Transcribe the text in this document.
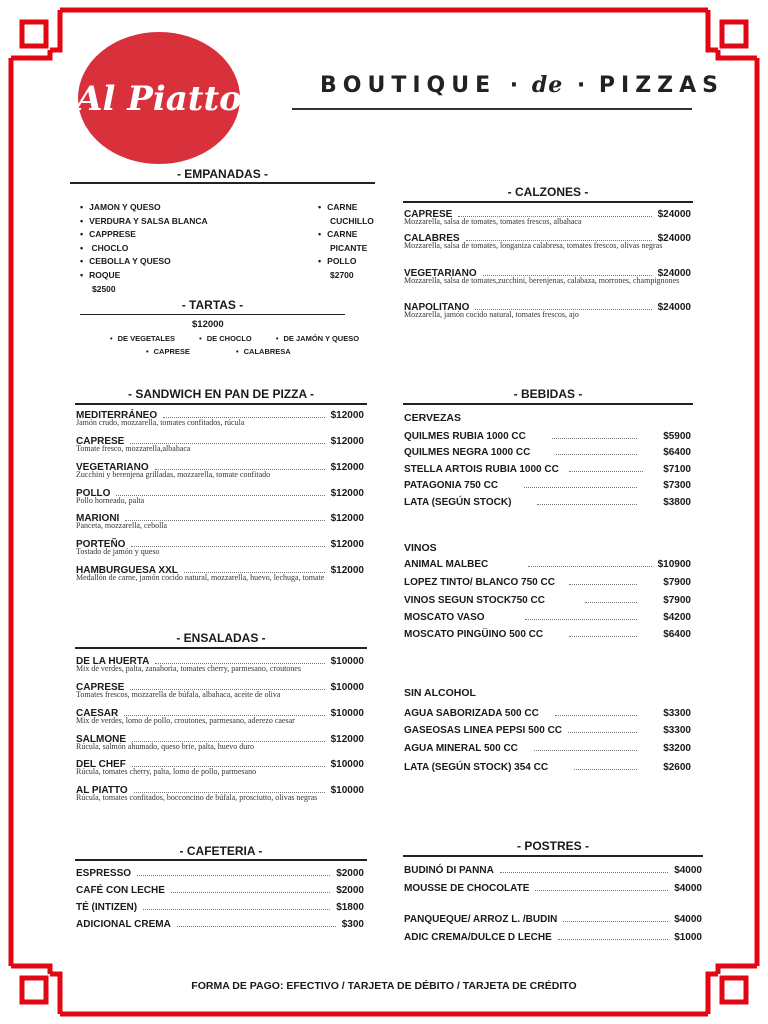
Al Piatto	BOUTIQUE · de · PIZZAS
- EMPANADAS -
• JAMON Y QUESO
• VERDURA Y SALSA BLANCA
• CAPPRESE
• CHOCLO
• CEBOLLA Y QUESO
• ROQUE
$2500
• CARNE
CUCHILLO
• CARNE
PICANTE
• POLLO
$2700
- TARTAS -
$12000
• DE VEGETALES	• DE CHOCLO	• DE JAMÓN Y QUESO
• CAPRESE	• CALABRESA
- CALZONES -
CAPRESE	$24000
Mozzarella, salsa de tomates, tomates frescos, albahaca
CALABRES	$24000
Mozzarella, salsa de tomates, longaniza calabresa, tomates frescos, olivas negras
VEGETARIANO	$24000
Mozzarella, salsa de tomates,zucchini, berenjenas, calabaza, morrones, champignones
NAPOLITANO	$24000
Mozzarella, jamón cocido natural, tomates frescos, ajo
- SANDWICH EN PAN DE PIZZA -
MEDITERRÁNEO	$12000
Jamón crudo, mozzarella, tomates confitados, rúcula
CAPRESE	$12000
Tomate fresco, mozzarella,albahaca
VEGETARIANO	$12000
Zucchini y berenjena grilladas, mozzarella, tomate confitado
POLLO	$12000
Pollo horneado, palta
MARIONI	$12000
Panceta, mozzarella, cebolla
PORTEÑO	$12000
Tostado de jamón y queso
HAMBURGUESA XXL	$12000
Medallón de carne, jamón cocido natural, mozzarella, huevo, lechuga, tomate
- ENSALADAS -
DE LA HUERTA	$10000
Mix de verdes, palta, zanahoria, tomates cherry, parmesano, croutones
CAPRESE	$10000
Tomates frescos, mozzarella de búfala, albahaca, aceite de oliva
CAESAR	$10000
Mix de verdes, lomo de pollo, croutones, parmesano, aderezo caesar
SALMONE	$12000
Rúcula, salmón ahumado, queso brie, palta, huevo duro
DEL CHEF	$10000
Rúcula, tomates cherry, palta, lomo de pollo, parmesano
AL PIATTO	$10000
Rúcula, tomates confitados, bocconcino de búfala, prosciutto, olivas negras
- CAFETERIA -
ESPRESSO	$2000
CAFÉ CON LECHE	$2000
TÉ (INTIZEN)	$1800
ADICIONAL CREMA	$300
- BEBIDAS -
CERVEZAS
QUILMES RUBIA 1000 CC	$5900
QUILMES NEGRA 1000 CC	$6400
STELLA ARTOIS RUBIA 1000 CC	$7100
PATAGONIA 750 CC	$7300
LATA (SEGÚN STOCK)	$3800
VINOS
ANIMAL MALBEC	$10900
LOPEZ TINTO/ BLANCO 750 CC	$7900
VINOS SEGUN STOCK750 CC	$7900
MOSCATO VASO	$4200
MOSCATO PINGÜINO 500 CC	$6400
SIN ALCOHOL
AGUA SABORIZADA 500 CC	$3300
GASEOSAS LINEA PEPSI 500 CC	$3300
AGUA MINERAL 500 CC	$3200
LATA (SEGÚN STOCK) 354 CC	$2600
- POSTRES -
BUDINÓ DI PANNA	$4000
MOUSSE DE CHOCOLATE	$4000
PANQUEQUE/ ARROZ L. /BUDIN	$4000
ADIC CREMA/DULCE D LECHE	$1000
FORMA DE PAGO: EFECTIVO / TARJETA DE DÉBITO / TARJETA DE CRÉDITO
